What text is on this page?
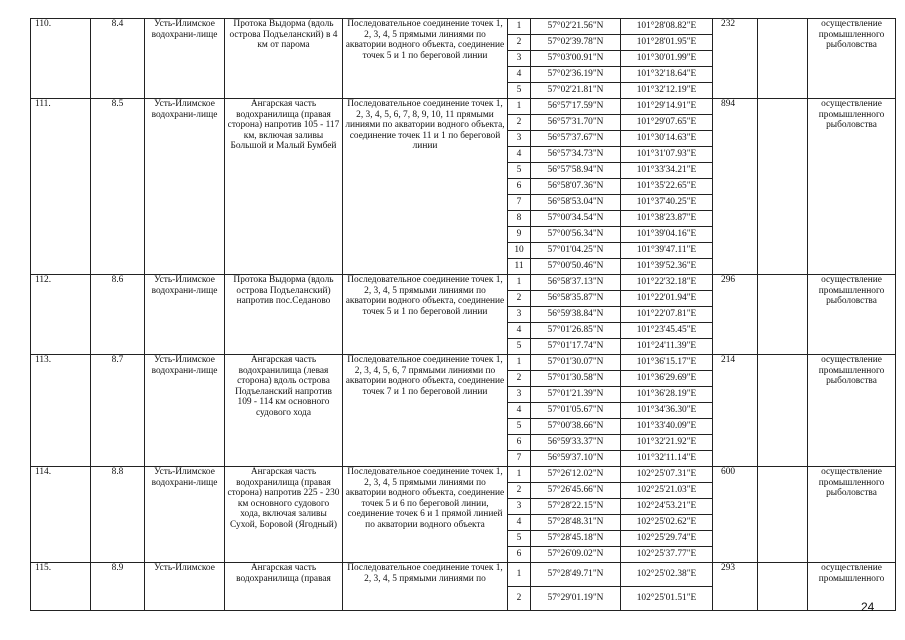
110.	8.4	Усть-Илимское водохрани-лище	Протока Выдорма (вдоль острова Подъеланский) в 4 км от парома	Последовательное соединение точек 1, 2, 3, 4, 5 прямыми линиями по акватории водного объекта, соединение точек 5 и 1 по береговой линии	1	57°02'21.56"N	101°28'08.82"E	232		осуществление промышленного рыболовства
					2	57°02'39.78"N	101°28'01.95"E			
					3	57°03'00.91"N	101°30'01.99"E			
					4	57°02'36.19"N	101°32'18.64"E			
					5	57°02'21.81"N	101°32'12.19"E			
111.	8.5	Усть-Илимское водохрани-лище	Ангарская часть водохранилища (правая сторона) напротив 105 - 117 км, включая заливы Большой и Малый Бумбей	Последовательное соединение точек 1, 2, 3, 4, 5, 6, 7, 8, 9, 10, 11 прямыми линиями по акватории водного объекта, соединение точек 11 и 1 по береговой линии	1	56°57'17.59"N	101°29'14.91"E	894		осуществление промышленного рыболовства
					2	56°57'31.70"N	101°29'07.65"E			
					3	56°57'37.67"N	101°30'14.63"E			
					4	56°57'34.73"N	101°31'07.93"E			
					5	56°57'58.94"N	101°33'34.21"E			
					6	56°58'07.36"N	101°35'22.65"E			
					7	56°58'53.04"N	101°37'40.25"E			
					8	57°00'34.54"N	101°38'23.87"E			
					9	57°00'56.34"N	101°39'04.16"E			
					10	57°01'04.25"N	101°39'47.11"E			
					11	57°00'50.46"N	101°39'52.36"E			
112.	8.6	Усть-Илимское водохрани-лище	Протока Выдорма (вдоль острова Подъеланский) напротив пос.Седаново	Последовательное соединение точек 1, 2, 3, 4, 5 прямыми линиями по акватории водного объекта, соединение точек 5 и 1 по береговой линии	1	56°58'37.13"N	101°22'32.18"E	296		осуществление промышленного рыболовства
					2	56°58'35.87"N	101°22'01.94"E			
					3	56°59'38.84"N	101°22'07.81"E			
					4	57°01'26.85"N	101°23'45.45"E			
					5	57°01'17.74"N	101°24'11.39"E			
113.	8.7	Усть-Илимское водохрани-лище	Ангарская часть водохранилища (левая сторона) вдоль острова Подъеланский напротив 109 - 114 км основного судового хода	Последовательное соединение точек 1, 2, 3, 4, 5, 6, 7 прямыми линиями по акватории водного объекта, соединение точек 7 и 1 по береговой линии	1	57°01'30.07"N	101°36'15.17"E	214		осуществление промышленного рыболовства
					2	57°01'30.58"N	101°36'29.69"E			
					3	57°01'21.39"N	101°36'28.19"E			
					4	57°01'05.67"N	101°34'36.30"E			
					5	57°00'38.66"N	101°33'40.09"E			
					6	56°59'33.37"N	101°32'21.92"E			
					7	56°59'37.10"N	101°32'11.14"E			
114.	8.8	Усть-Илимское водохрани-лище	Ангарская часть водохранилища (правая сторона) напротив 225 - 230 км основного судового хода, включая заливы Сухой, Боровой (Ягодный)	Последовательное соединение точек 1, 2, 3, 4, 5 прямыми линиями по акватории водного объекта, соединение точек 5 и 6 по береговой линии, соединение точек 6 и 1 прямой линией по акватории водного объекта	1	57°26'12.02"N	102°25'07.31"E	600		осуществление промышленного рыболовства
					2	57°26'45.66"N	102°25'21.03"E			
					3	57°28'22.15"N	102°24'53.21"E			
					4	57°28'48.31"N	102°25'02.62"E			
					5	57°28'45.18"N	102°25'29.74"E			
					6	57°26'09.02"N	102°25'37.77"E			
115.	8.9	Усть-Илимское	Ангарская часть водохранилища (правая	Последовательное соединение точек 1, 2, 3, 4, 5 прямыми линиями по	1	57°28'49.71"N	102°25'02.38"E	293		осуществление промышленного
					2	57°29'01.19"N	102°25'01.51"E			
24
